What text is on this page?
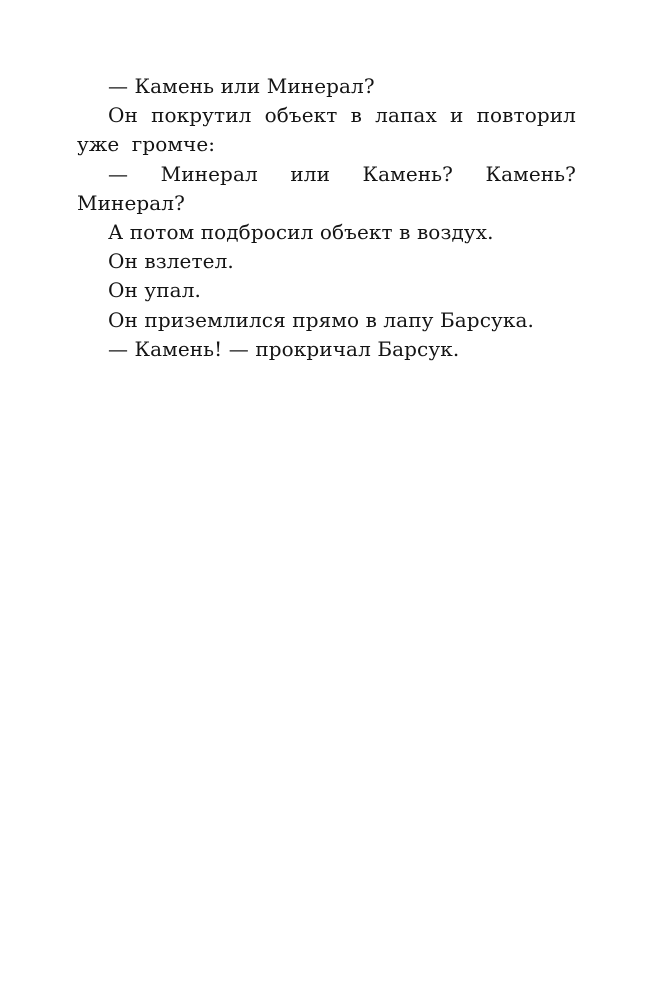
— Камень или Минерал?

Он покрутил объект в лапах и повторил уже громче:

— Минерал или Камень? Камень? Минерал?

А потом подбросил объект в воздух.

Он взлетел.

Он упал.

Он приземлился прямо в лапу Барсука.

— Камень! — прокричал Барсук.
